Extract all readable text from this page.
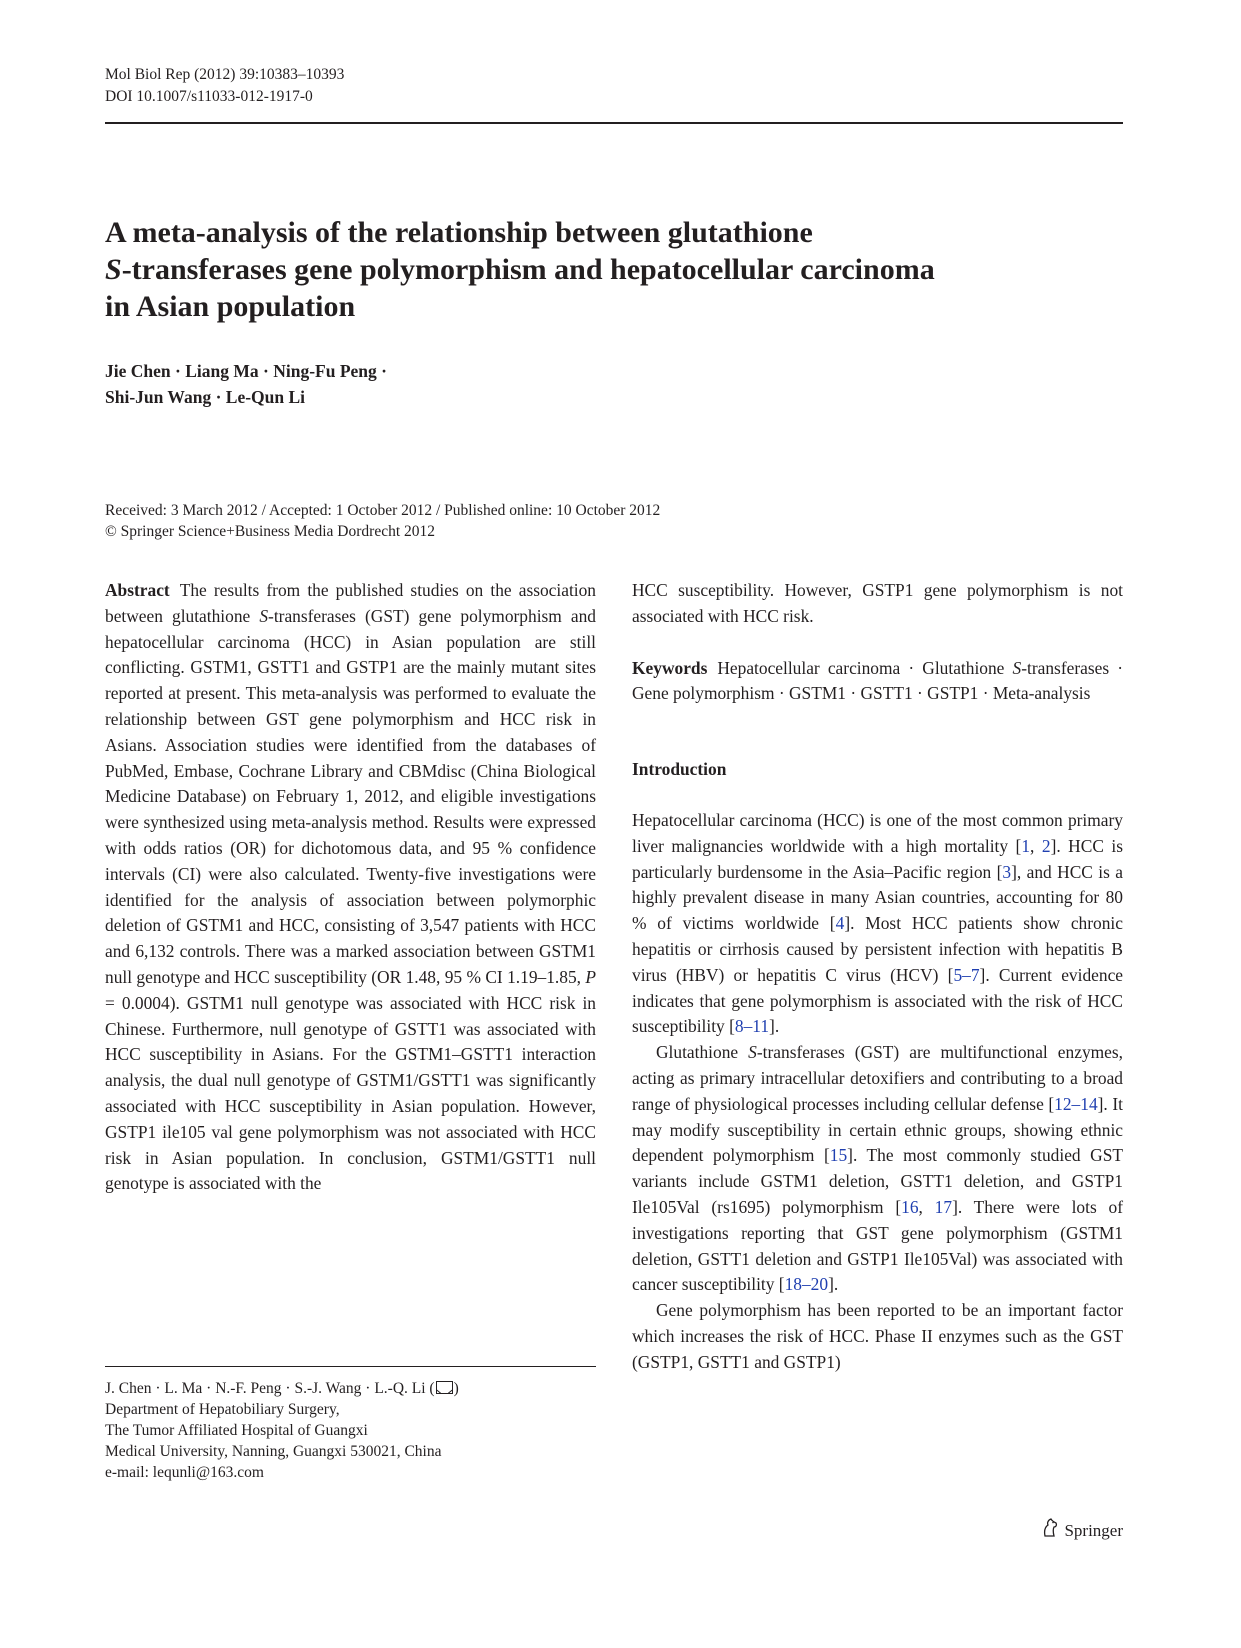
Mol Biol Rep (2012) 39:10383–10393
DOI 10.1007/s11033-012-1917-0
A meta-analysis of the relationship between glutathione
S-transferases gene polymorphism and hepatocellular carcinoma
in Asian population
Jie Chen · Liang Ma · Ning-Fu Peng ·
Shi-Jun Wang · Le-Qun Li
Received: 3 March 2012 / Accepted: 1 October 2012 / Published online: 10 October 2012
© Springer Science+Business Media Dordrecht 2012

Abstract The results from the published studies on the association between glutathione S-transferases (GST) gene polymorphism and hepatocellular carcinoma (HCC) in Asian population are still conflicting. GSTM1, GSTT1 and GSTP1 are the mainly mutant sites reported at present. This meta-analysis was performed to evaluate the relationship between GST gene polymorphism and HCC risk in Asians. Association studies were identified from the databases of PubMed, Embase, Cochrane Library and CBMdisc (China Biological Medicine Database) on February 1, 2012, and eligible investigations were synthesized using meta-analysis method. Results were expressed with odds ratios (OR) for dichotomous data, and 95 % confidence intervals (CI) were also calculated. Twenty-five investigations were identified for the analysis of association between polymorphic deletion of GSTM1 and HCC, consisting of 3,547 patients with HCC and 6,132 controls. There was a marked association between GSTM1 null genotype and HCC susceptibility (OR 1.48, 95 % CI 1.19–1.85, P = 0.0004). GSTM1 null genotype was associated with HCC risk in Chinese. Furthermore, null genotype of GSTT1 was associated with HCC susceptibility in Asians. For the GSTM1–GSTT1 interaction analysis, the dual null genotype of GSTM1/GSTT1 was significantly associated with HCC susceptibility in Asian population. However, GSTP1 ile105 val gene polymorphism was not associated with HCC risk in Asian population. In conclusion, GSTM1/GSTT1 null genotype is associated with the

HCC susceptibility. However, GSTP1 gene polymorphism is not associated with HCC risk.

Keywords Hepatocellular carcinoma · Glutathione S-transferases · Gene polymorphism · GSTM1 · GSTT1 · GSTP1 · Meta-analysis

Introduction

Hepatocellular carcinoma (HCC) is one of the most common primary liver malignancies worldwide with a high mortality [1, 2]. HCC is particularly burdensome in the Asia–Pacific region [3], and HCC is a highly prevalent disease in many Asian countries, accounting for 80 % of victims worldwide [4]. Most HCC patients show chronic hepatitis or cirrhosis caused by persistent infection with hepatitis B virus (HBV) or hepatitis C virus (HCV) [5–7]. Current evidence indicates that gene polymorphism is associated with the risk of HCC susceptibility [8–11].

Glutathione S-transferases (GST) are multifunctional enzymes, acting as primary intracellular detoxifiers and contributing to a broad range of physiological processes including cellular defense [12–14]. It may modify susceptibility in certain ethnic groups, showing ethnic dependent polymorphism [15]. The most commonly studied GST variants include GSTM1 deletion, GSTT1 deletion, and GSTP1 Ile105Val (rs1695) polymorphism [16, 17]. There were lots of investigations reporting that GST gene polymorphism (GSTM1 deletion, GSTT1 deletion and GSTP1 Ile105Val) was associated with cancer susceptibility [18–20].

Gene polymorphism has been reported to be an important factor which increases the risk of HCC. Phase II enzymes such as the GST (GSTP1, GSTT1 and GSTP1)

J. Chen · L. Ma · N.-F. Peng · S.-J. Wang · L.-Q. Li ( )
Department of Hepatobiliary Surgery,
The Tumor Affiliated Hospital of Guangxi
Medical University, Nanning, Guangxi 530021, China
e-mail: lequnli@163.com
Springer
